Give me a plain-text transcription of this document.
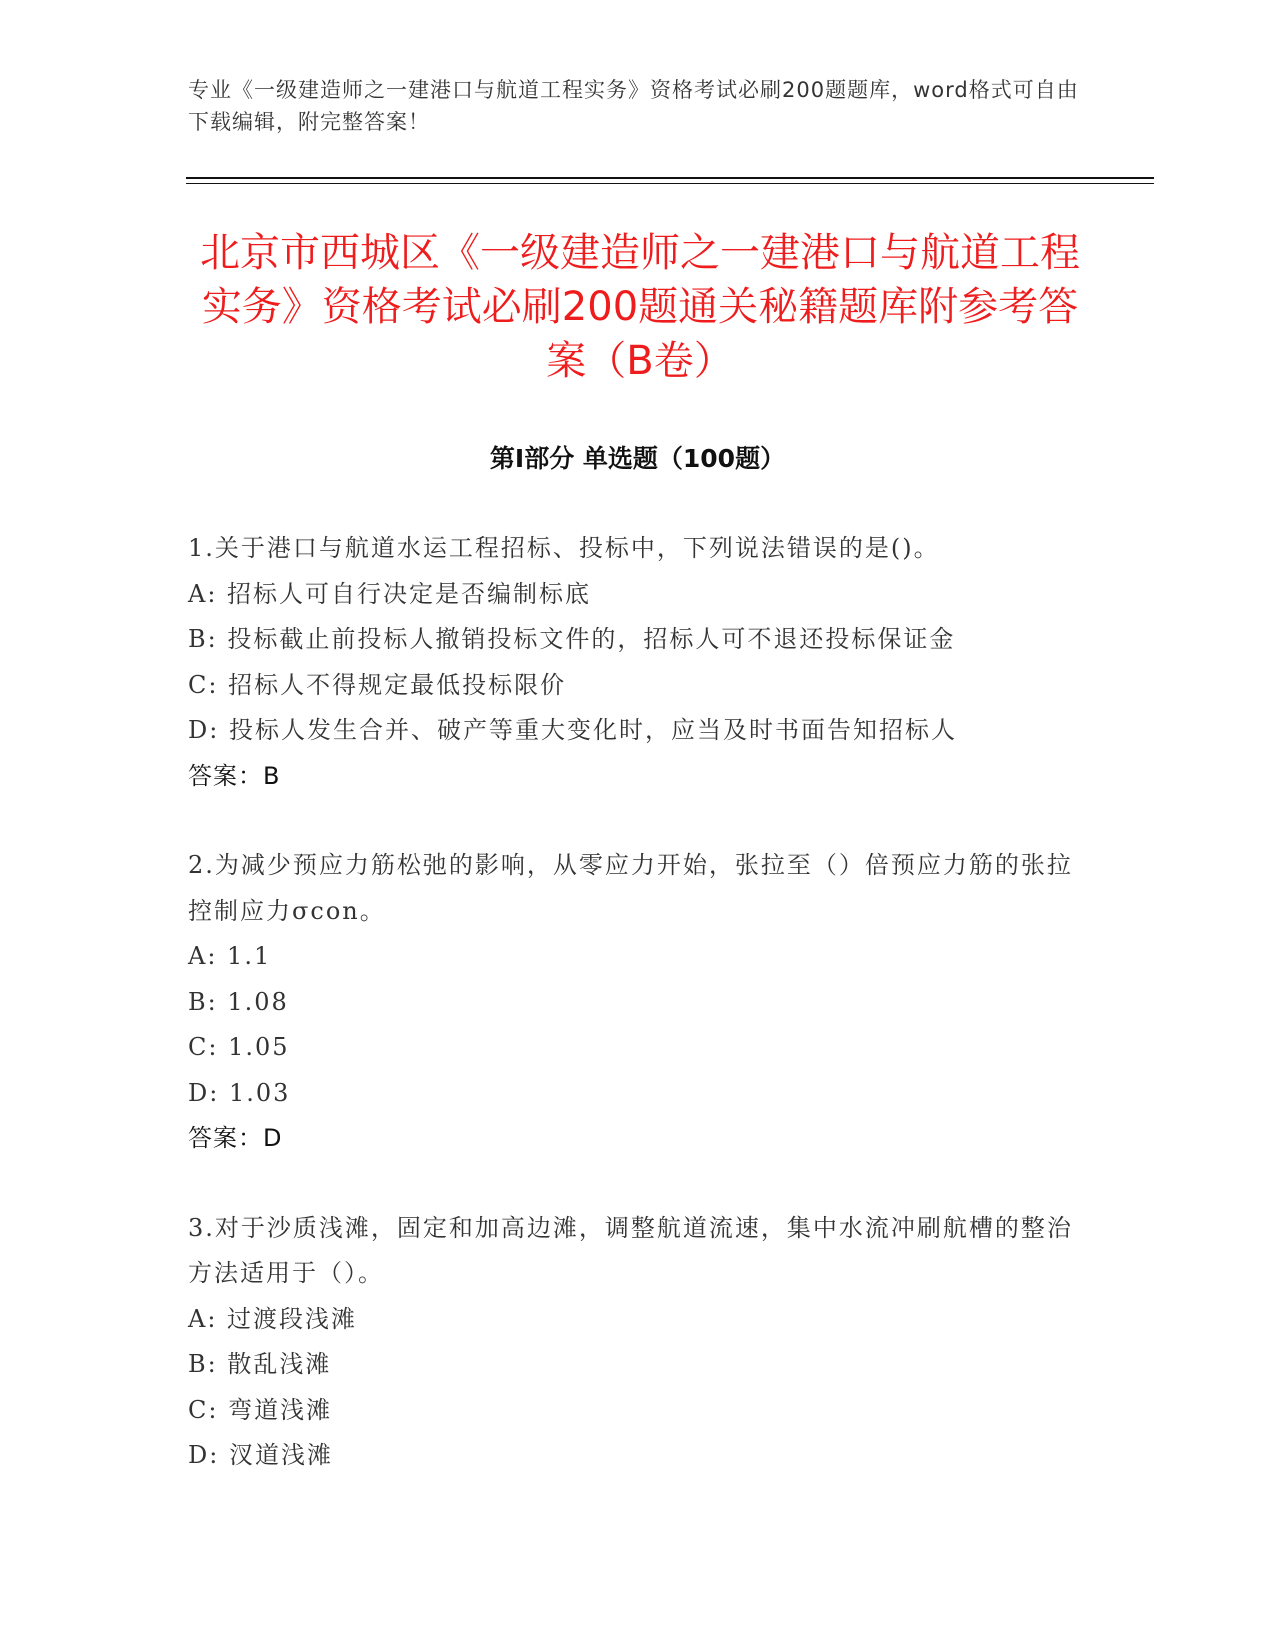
专业《一级建造师之一建港口与航道工程实务》资格考试必刷200题题库，word格式可自由下载编辑，附完整答案！
北京市西城区《一级建造师之一建港口与航道工程实务》资格考试必刷200题通关秘籍题库附参考答案（B卷）
第Ⅰ部分 单选题（100题）
1.关于港口与航道水运工程招标、投标中，下列说法错误的是()。
A: 招标人可自行决定是否编制标底
B: 投标截止前投标人撤销投标文件的，招标人可不退还投标保证金
C: 招标人不得规定最低投标限价
D: 投标人发生合并、破产等重大变化时，应当及时书面告知招标人
答案：B
2.为减少预应力筋松弛的影响，从零应力开始，张拉至（）倍预应力筋的张拉控制应力σcon。
A: 1.1
B: 1.08
C: 1.05
D: 1.03
答案：D
3.对于沙质浅滩，固定和加高边滩，调整航道流速，集中水流冲刷航槽的整治方法适用于（）。
A: 过渡段浅滩
B: 散乱浅滩
C: 弯道浅滩
D: 汊道浅滩
